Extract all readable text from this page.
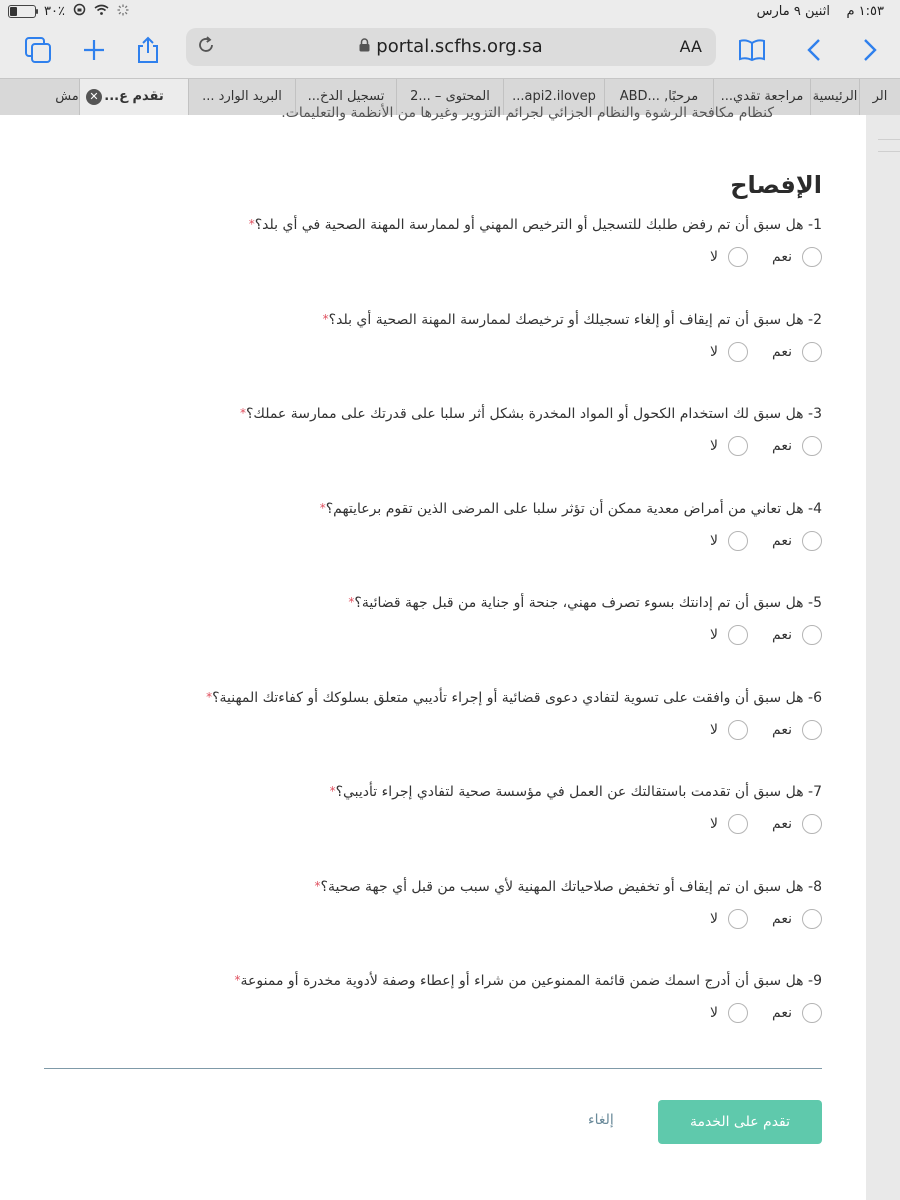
١:٥٣ م    اثنين ٩ مارس
٪٣٠
portal.scfhs.org.sa	AA
الر
الرئيسية
مراجعة تقدي...
مرحبًا, ...ABD
api2.ilovep...
المحتوى – ...2
تسجيل الدخ...
البريد الوارد ...
تقدم ع...
✕
مش
كنظام مكافحة الرشوة والنظام الجزائي لجرائم التزوير وغيرها من الأنظمة والتعليمات.
الإفصاح
1- هل سبق أن تم رفض طلبك للتسجيل أو الترخيص المهني أو لممارسة المهنة الصحية في أي بلد؟*
نعم
لا
2- هل سبق أن تم إيقاف أو إلغاء تسجيلك أو ترخيصك لممارسة المهنة الصحية أي بلد؟*
نعم
لا
3- هل سبق لك استخدام الكحول أو المواد المخدرة بشكل أثر سلبا على قدرتك على ممارسة عملك؟*
نعم
لا
4- هل تعاني من أمراض معدية ممكن أن تؤثر سلبا على المرضى الذين تقوم برعايتهم؟*
نعم
لا
5- هل سبق أن تم إدانتك بسوء تصرف مهني، جنحة أو جناية من قبل جهة قضائية؟*
نعم
لا
6- هل سبق أن وافقت على تسوية لتفادي دعوى قضائية أو إجراء تأديبي متعلق بسلوكك أو كفاءتك المهنية؟*
نعم
لا
7- هل سبق أن تقدمت باستقالتك عن العمل في مؤسسة صحية لتفادي إجراء تأديبي؟*
نعم
لا
8- هل سبق ان تم إيقاف أو تخفيض صلاحياتك المهنية لأي سبب من قبل أي جهة صحية؟*
نعم
لا
9- هل سبق أن أدرج اسمك ضمن قائمة الممنوعين من شراء أو إعطاء وصفة لأدوية مخدرة أو ممنوعة*
نعم
لا
تقدم على الخدمة
إلغاء
